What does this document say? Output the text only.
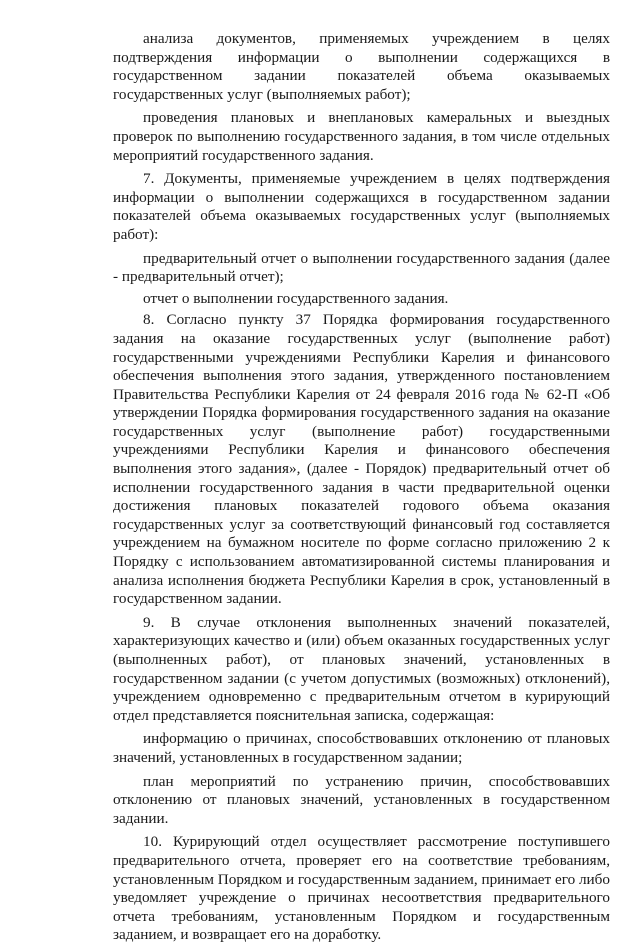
анализа документов, применяемых учреждением в целях подтверждения информации о выполнении содержащихся в государственном задании показателей объема оказываемых государственных услуг (выполняемых работ);

проведения плановых и внеплановых камеральных и выездных проверок по выполнению государственного задания, в том числе отдельных мероприятий государственного задания.

7. Документы, применяемые учреждением в целях подтверждения информации о выполнении содержащихся в государственном задании показателей объема оказываемых государственных услуг (выполняемых работ):

предварительный отчет о выполнении государственного задания (далее - предварительный отчет);

отчет о выполнении государственного задания.

8. Согласно пункту 37 Порядка формирования государственного задания на оказание государственных услуг (выполнение работ) государственными учреждениями Республики Карелия и финансового обеспечения выполнения этого задания, утвержденного постановлением Правительства Республики Карелия от 24 февраля 2016 года № 62-П «Об утверждении Порядка формирования государственного задания на оказание государственных услуг (выполнение работ) государственными учреждениями Республики Карелия и финансового обеспечения выполнения этого задания», (далее - Порядок) предварительный отчет об исполнении государственного задания в части предварительной оценки достижения плановых показателей годового объема оказания государственных услуг за соответствующий финансовый год составляется учреждением на бумажном носителе по форме согласно приложению 2 к Порядку с использованием автоматизированной системы планирования и анализа исполнения бюджета Республики Карелия в срок, установленный в государственном задании.

9. В случае отклонения выполненных значений показателей, характеризующих качество и (или) объем оказанных государственных услуг (выполненных работ), от плановых значений, установленных в государственном задании (с учетом допустимых (возможных) отклонений), учреждением одновременно с предварительным отчетом в курирующий отдел представляется пояснительная записка, содержащая:

информацию о причинах, способствовавших отклонению от плановых значений, установленных в государственном задании;

план мероприятий по устранению причин, способствовавших отклонению от плановых значений, установленных в государственном задании.

10. Курирующий отдел осуществляет рассмотрение поступившего предварительного отчета, проверяет его на соответствие требованиям, установленным Порядком и государственным заданием, принимает его либо уведомляет учреждение о причинах несоответствия предварительного отчета требованиям, установленным Порядком и государственным заданием, и возвращает его на доработку.
